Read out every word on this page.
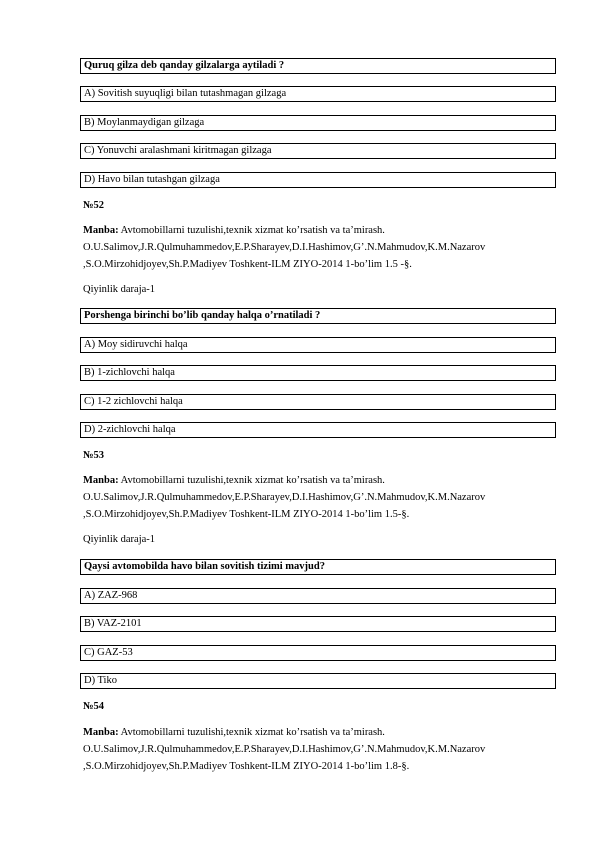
Quruq gilza deb qanday gilzalarga aytiladi ?
A) Sovitish suyuqligi bilan tutashmagan gilzaga
B) Moylanmaydigan gilzaga
C) Yonuvchi aralashmani kiritmagan gilzaga
D) Havo bilan tutashgan gilzaga
№52
Manba: Avtomobillarni tuzulishi,texnik xizmat ko’rsatish va ta’mirash.
O.U.Salimov,J.R.Qulmuhammedov,E.P.Sharayev,D.I.Hashimov,G’.N.Mahmudov,K.M.Nazarov
,S.O.Mirzohidjoyev,Sh.P.Madiyev Toshkent-ILM ZIYO-2014 1-bo’lim 1.5 -§.
Qiyinlik daraja-1
Porshenga birinchi bo’lib qanday halqa o’rnatiladi ?
A) Moy sidiruvchi halqa
B) 1-zichlovchi halqa
C) 1-2 zichlovchi halqa
D) 2-zichlovchi halqa
№53
Manba: Avtomobillarni tuzulishi,texnik xizmat ko’rsatish va ta’mirash.
O.U.Salimov,J.R.Qulmuhammedov,E.P.Sharayev,D.I.Hashimov,G’.N.Mahmudov,K.M.Nazarov
,S.O.Mirzohidjoyev,Sh.P.Madiyev Toshkent-ILM ZIYO-2014 1-bo’lim 1.5-§.
Qiyinlik daraja-1
Qaysi avtomobilda havo bilan sovitish tizimi mavjud?
A) ZAZ-968
B) VAZ-2101
C) GAZ-53
D) Tiko
№54
Manba: Avtomobillarni tuzulishi,texnik xizmat ko’rsatish va ta’mirash.
O.U.Salimov,J.R.Qulmuhammedov,E.P.Sharayev,D.I.Hashimov,G’.N.Mahmudov,K.M.Nazarov
,S.O.Mirzohidjoyev,Sh.P.Madiyev Toshkent-ILM ZIYO-2014 1-bo’lim 1.8-§.
